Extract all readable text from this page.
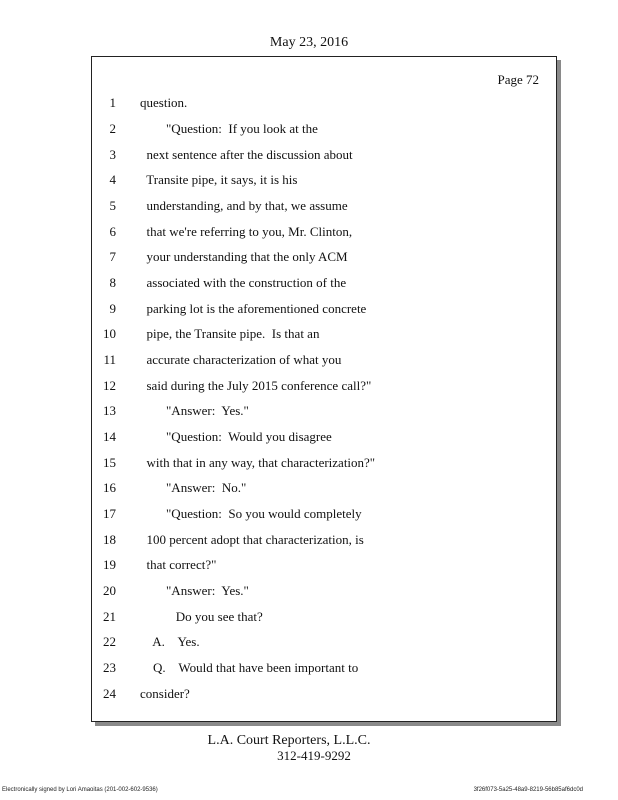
May 23, 2016
Page 72
1 question.
2 "Question:  If you look at the
3 next sentence after the discussion about
4 Transite pipe, it says, it is his
5 understanding, and by that, we assume
6 that we're referring to you, Mr. Clinton,
7 your understanding that the only ACM
8 associated with the construction of the
9 parking lot is the aforementioned concrete
10 pipe, the Transite pipe.  Is that an
11 accurate characterization of what you
12 said during the July 2015 conference call?"
13 "Answer:  Yes."
14 "Question:  Would you disagree
15 with that in any way, that characterization?"
16 "Answer:  No."
17 "Question:  So you would completely
18 100 percent adopt that characterization, is
19 that correct?"
20 "Answer:  Yes."
21 Do you see that?
22 A.    Yes.
23 Q.    Would that have been important to
24 consider?
L.A. Court Reporters, L.L.C.
312-419-9292
Electronically signed by Lori Amaoitas (201-002-602-9536)	3f26f073-5a25-48a9-8219-56b85af6dc0d
